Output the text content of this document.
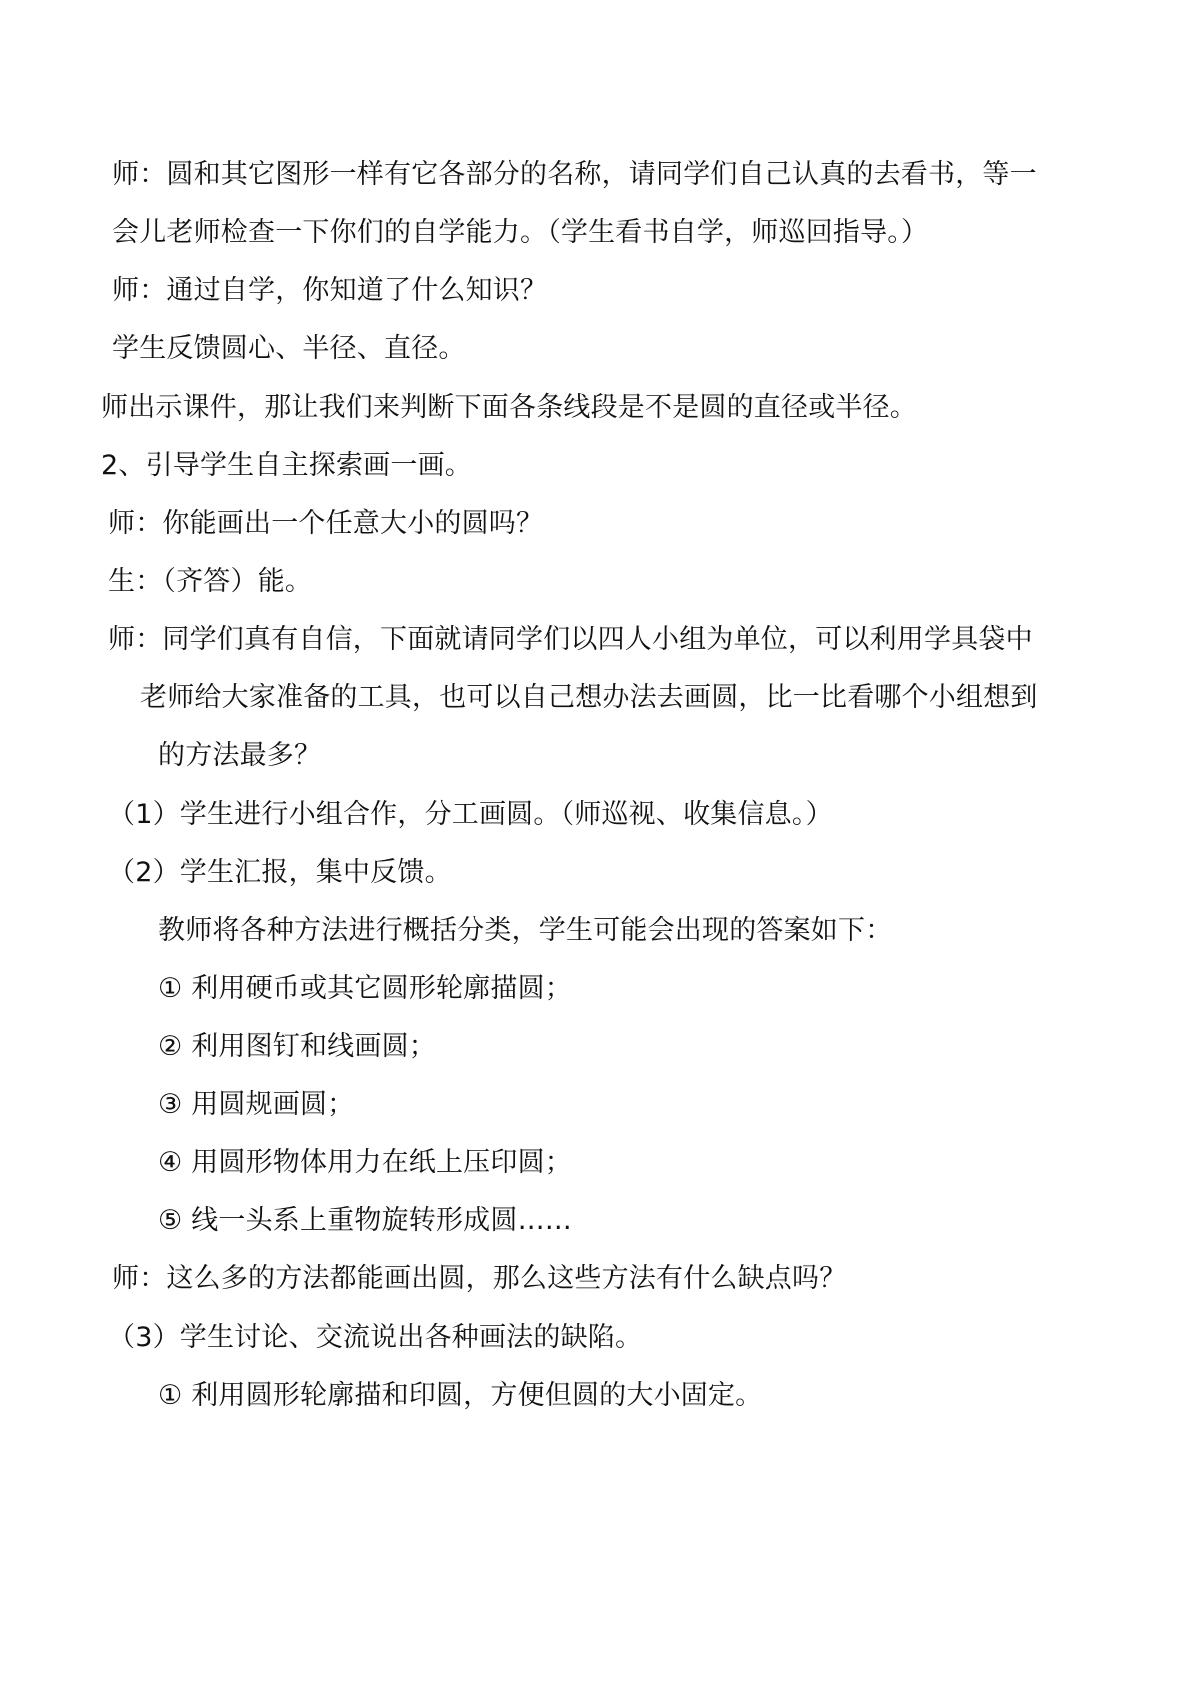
师：圆和其它图形一样有它各部分的名称，请同学们自己认真的去看书，等一
会儿老师检查一下你们的自学能力。（学生看书自学，师巡回指导。）
师：通过自学，你知道了什么知识？
学生反馈圆心、半径、直径。
师出示课件，那让我们来判断下面各条线段是不是圆的直径或半径。
2、引导学生自主探索画一画。
师：你能画出一个任意大小的圆吗？
生：（齐答）能。
师：同学们真有自信，下面就请同学们以四人小组为单位，可以利用学具袋中
老师给大家准备的工具，也可以自己想办法去画圆，比一比看哪个小组想到
的方法最多？
（1）学生进行小组合作，分工画圆。（师巡视、收集信息。）
（2）学生汇报，集中反馈。
教师将各种方法进行概括分类，学生可能会出现的答案如下：
① 利用硬币或其它圆形轮廓描圆；
② 利用图钉和线画圆；
③ 用圆规画圆；
④ 用圆形物体用力在纸上压印圆；
⑤ 线一头系上重物旋转形成圆……
师：这么多的方法都能画出圆，那么这些方法有什么缺点吗？
（3）学生讨论、交流说出各种画法的缺陷。
① 利用圆形轮廓描和印圆，方便但圆的大小固定。
